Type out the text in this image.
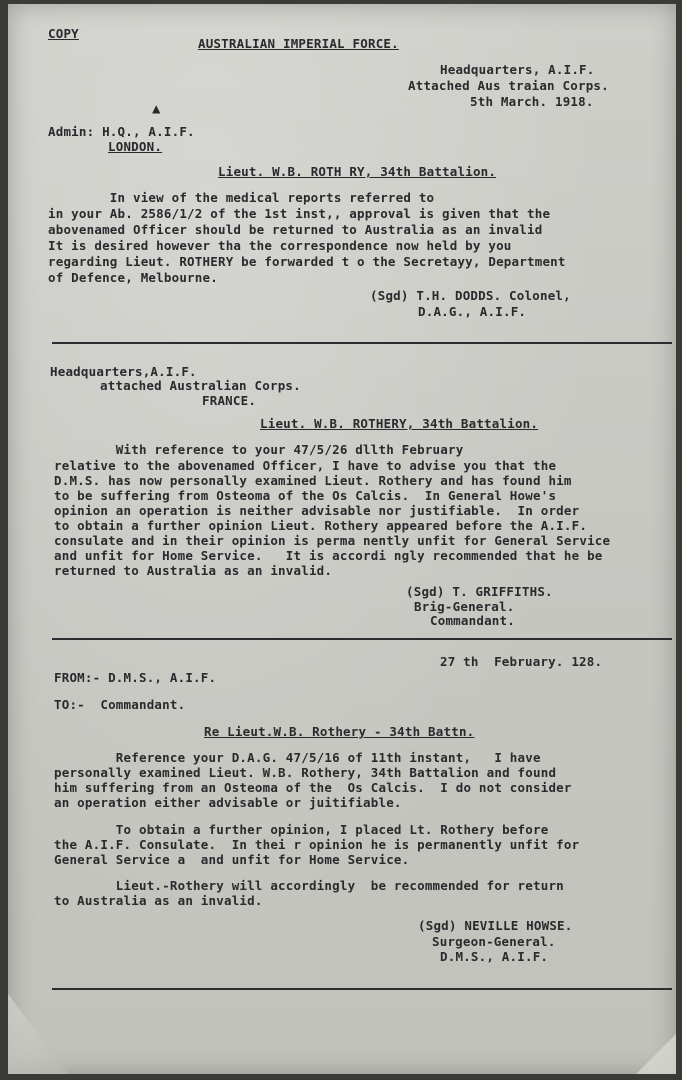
COPY
AUSTRALIAN IMPERIAL FORCE.
Headquarters, A.I.F.
Attached Aus traian Corps.
5th March. 1918.
▲
Admin: H.Q., A.I.F.
LONDON.
Lieut. W.B. ROTH RY, 34th Battalion.
In view of the medical reports referred to
in your Ab. 2586/1/2 of the 1st inst,, approval is given that the
abovenamed Officer should be returned to Australia as an invalid
It is desired however tha the correspondence now held by you
regarding Lieut. ROTHERY be forwarded t o the Secretayy, Department
of Defence, Melbourne.
(Sgd) T.H. DODDS. Colonel,
D.A.G., A.I.F.
Headquarters,A.I.F.
attached Australian Corps.
FRANCE.
Lieut. W.B. ROTHERY, 34th Battalion.
With reference to your 47/5/26 dllth February
relative to the abovenamed Officer, I have to advise you that the
D.M.S. has now personally examined Lieut. Rothery and has found him
to be suffering from Osteoma of the Os Calcis.  In General Howe's
opinion an operation is neither advisable nor justifiable.  In order
to obtain a further opinion Lieut. Rothery appeared before the A.I.F.
consulate and in their opinion is perma nently unfit for General Service
and unfit for Home Service.   It is accordi ngly recommended that he be
returned to Australia as an invalid.
(Sgd) T. GRIFFITHS.
Brig-General.
Commandant.
27 th  February. 128.
FROM:- D.M.S., A.I.F.
TO:-  Commandant.
Re Lieut.W.B. Rothery - 34th Battn.
Reference your D.A.G. 47/5/16 of 11th instant,   I have
personally examined Lieut. W.B. Rothery, 34th Battalion and found
him suffering from an Osteoma of the  Os Calcis.  I do not consider
an operation either advisable or juitifiable.
To obtain a further opinion, I placed Lt. Rothery before
the A.I.F. Consulate.  In thei r opinion he is permanently unfit for
General Service a  and unfit for Home Service.
Lieut.-Rothery will accordingly  be recommended for return
to Australia as an invalid.
(Sgd) NEVILLE HOWSE.
Surgeon-General.
D.M.S., A.I.F.
